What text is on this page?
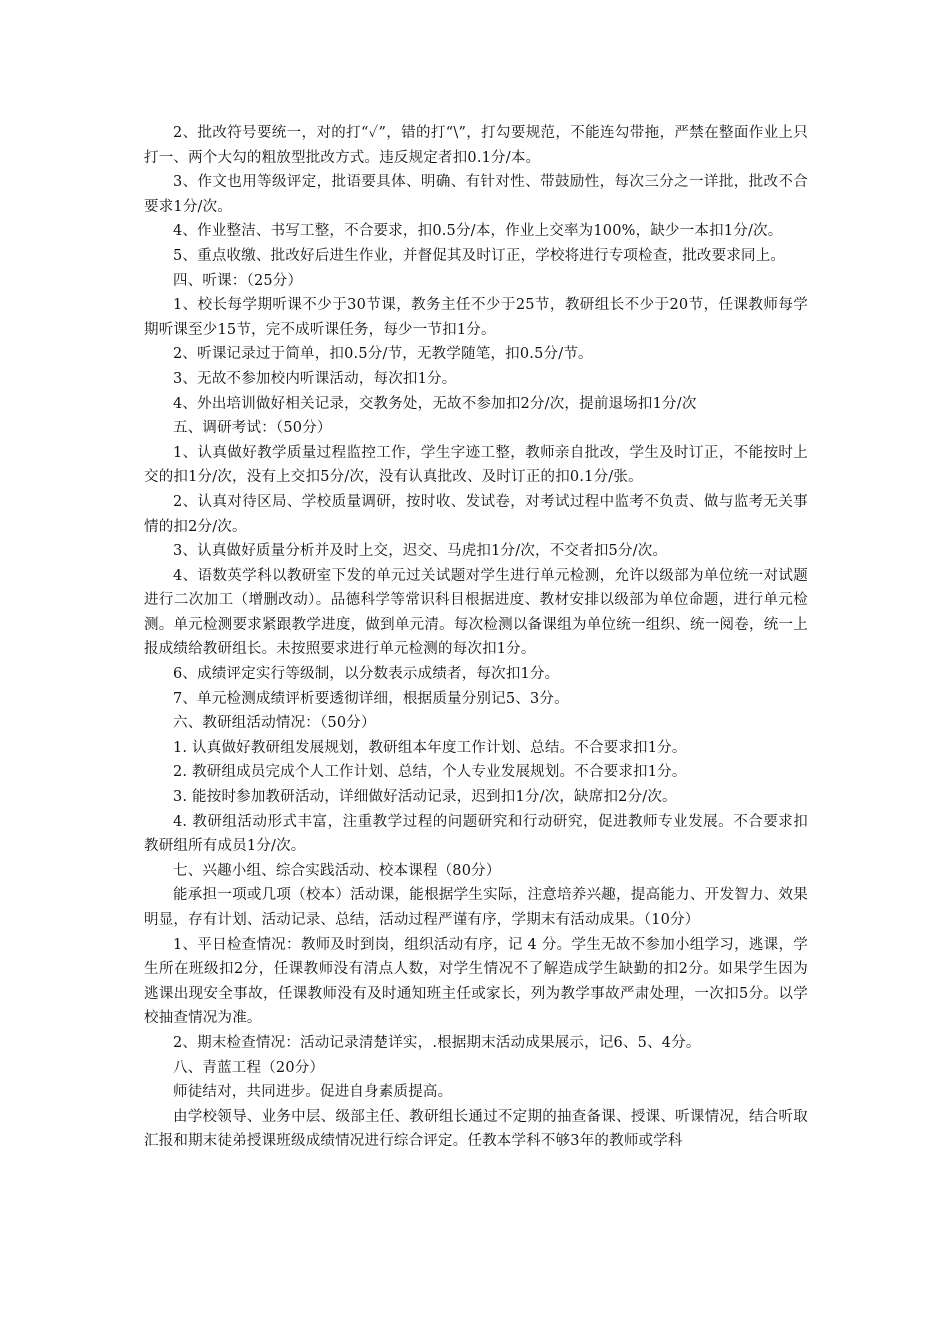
2、批改符号要统一，对的打“✓”，错的打“\”，打勾要规范，不能连勾带拖，严禁在整面作业上只打一、两个大勾的粗放型批改方式。违反规定者扣0.1分/本。

3、作文也用等级评定，批语要具体、明确、有针对性、带鼓励性，每次三分之一详批，批改不合要求1分/次。

4、作业整洁、书写工整，不合要求，扣0.5分/本，作业上交率为100%，缺少一本扣1分/次。

5、重点收缴、批改好后进生作业，并督促其及时订正，学校将进行专项检查，批改要求同上。

四、听课：（25分）

1、校长每学期听课不少于30节课，教务主任不少于25节，教研组长不少于20节，任课教师每学期听课至少15节，完不成听课任务，每少一节扣1分。

2、听课记录过于简单，扣0.5分/节，无教学随笔，扣0.5分/节。

3、无故不参加校内听课活动，每次扣1分。

4、外出培训做好相关记录，交教务处，无故不参加扣2分/次，提前退场扣1分/次

五、调研考试：（50分）

1、认真做好教学质量过程监控工作，学生字迹工整，教师亲自批改，学生及时订正，不能按时上交的扣1分/次，没有上交扣5分/次，没有认真批改、及时订正的扣0.1分/张。

2、认真对待区局、学校质量调研，按时收、发试卷，对考试过程中监考不负责、做与监考无关事情的扣2分/次。

3、认真做好质量分析并及时上交，迟交、马虎扣1分/次，不交者扣5分/次。

4、语数英学科以教研室下发的单元过关试题对学生进行单元检测，允许以级部为单位统一对试题进行二次加工（增删改动）。品德科学等常识科目根据进度、教材安排以级部为单位命题，进行单元检测。单元检测要求紧跟教学进度，做到单元清。每次检测以备课组为单位统一组织、统一阅卷，统一上报成绩给教研组长。未按照要求进行单元检测的每次扣1分。

6、成绩评定实行等级制，以分数表示成绩者，每次扣1分。

7、单元检测成绩评析要透彻详细，根据质量分别记5、3分。

六、教研组活动情况：（50分）

1. 认真做好教研组发展规划，教研组本年度工作计划、总结。不合要求扣1分。

2. 教研组成员完成个人工作计划、总结，个人专业发展规划。不合要求扣1分。

3. 能按时参加教研活动，详细做好活动记录，迟到扣1分/次，缺席扣2分/次。

4. 教研组活动形式丰富，注重教学过程的问题研究和行动研究，促进教师专业发展。不合要求扣教研组所有成员1分/次。

七、兴趣小组、综合实践活动、校本课程（80分）

能承担一项或几项（校本）活动课，能根据学生实际，注意培养兴趣，提高能力、开发智力、效果明显，存有计划、活动记录、总结，活动过程严谨有序，学期末有活动成果。（10分）

1、平日检查情况：教师及时到岗，组织活动有序，记 4 分。学生无故不参加小组学习，逃课，学生所在班级扣2分，任课教师没有清点人数，对学生情况不了解造成学生缺勤的扣2分。如果学生因为逃课出现安全事故，任课教师没有及时通知班主任或家长，列为教学事故严肃处理，一次扣5分。以学校抽查情况为准。

2、期末检查情况：活动记录清楚详实，.根据期末活动成果展示，记6、5、4分。

八、青蓝工程（20分）

师徒结对，共同进步。促进自身素质提高。

由学校领导、业务中层、级部主任、教研组长通过不定期的抽查备课、授课、听课情况，结合听取汇报和期末徒弟授课班级成绩情况进行综合评定。任教本学科不够3年的教师或学科
